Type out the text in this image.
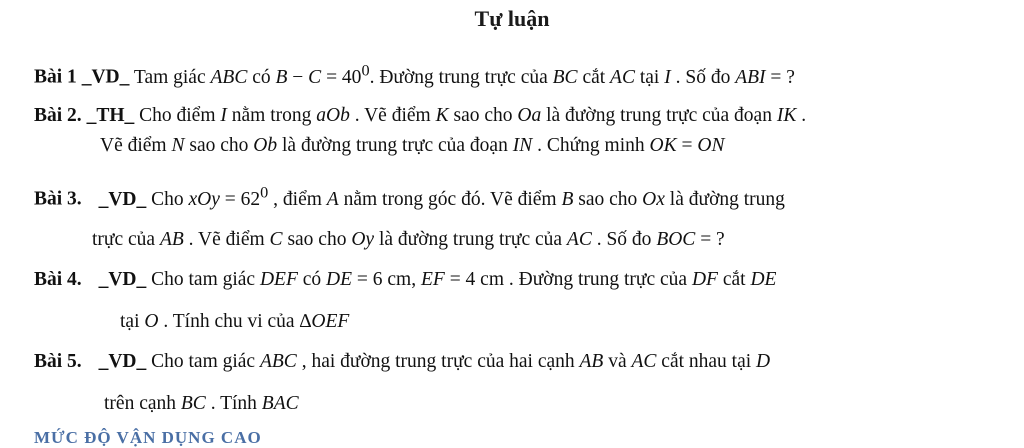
Tự luận
Bài 1 _VD_ Tam giác ABC có $B - C = 40^0$. Đường trung trực của BC cắt AC tại I . Số đo ABI = ?
Bài 2. _TH_ Cho điểm I nằm trong aOb . Vẽ điểm K sao cho Oa là đường trung trực của đoạn IK .
Vẽ điểm N sao cho Ob là đường trung trực của đoạn IN . Chứng minh OK = ON
Bài 3. _VD_ Cho xOy = $62^0$ , điểm A nằm trong góc đó. Vẽ điểm B sao cho Ox là đường trung
trực của AB . Vẽ điểm C sao cho Oy là đường trung trực của AC . Số đo BOC = ?
Bài 4. _VD_ Cho tam giác DEF có DE = 6 cm, EF = 4 cm . Đường trung trực của DF cắt DE
tại O . Tính chu vi của ∆OEF
Bài 5. _VD_ Cho tam giác ABC , hai đường trung trực của hai cạnh AB và AC cắt nhau tại D
trên cạnh BC . Tính BAC
MỨC ĐỘ VẬN DỤNG CAO
